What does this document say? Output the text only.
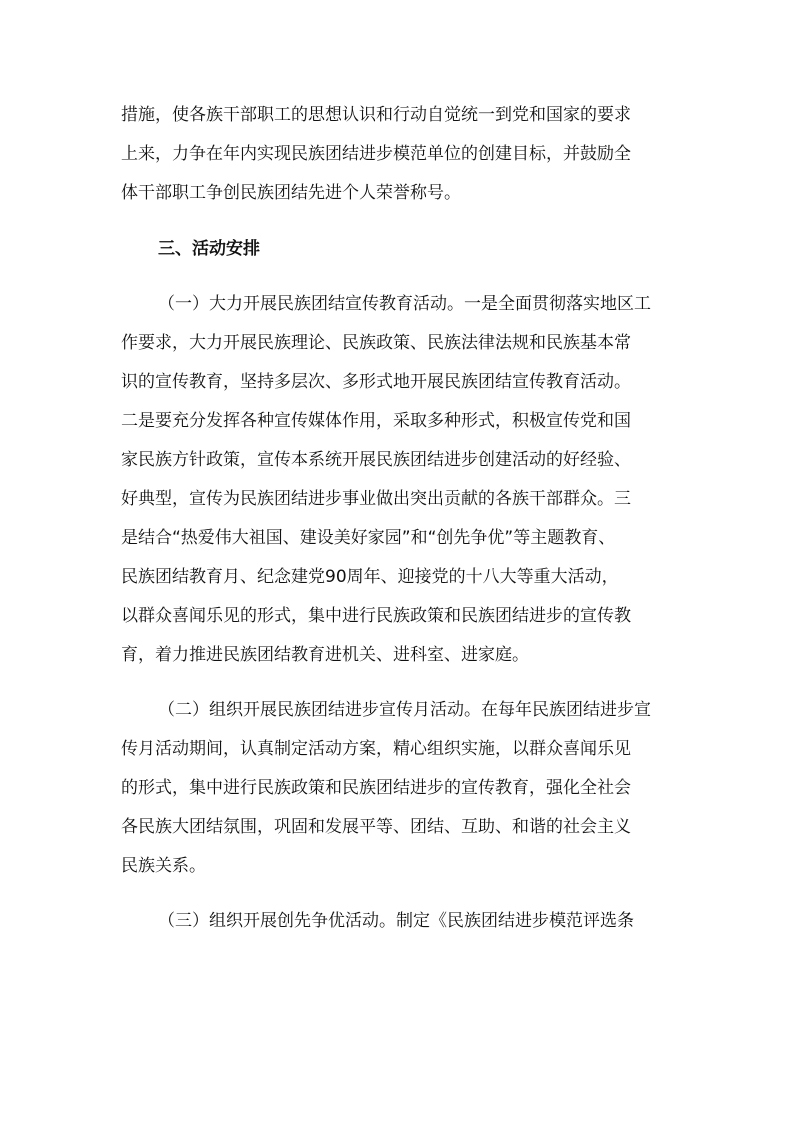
措施，使各族干部职工的思想认识和行动自觉统一到党和国家的要求
上来，力争在年内实现民族团结进步模范单位的创建目标，并鼓励全
体干部职工争创民族团结先进个人荣誉称号。
三、活动安排
（一）大力开展民族团结宣传教育活动。一是全面贯彻落实地区工
作要求，大力开展民族理论、民族政策、民族法律法规和民族基本常
识的宣传教育，坚持多层次、多形式地开展民族团结宣传教育活动。
二是要充分发挥各种宣传媒体作用，采取多种形式，积极宣传党和国
家民族方针政策，宣传本系统开展民族团结进步创建活动的好经验、
好典型，宣传为民族团结进步事业做出突出贡献的各族干部群众。三
是结合“热爱伟大祖国、建设美好家园”和“创先争优”等主题教育、
民族团结教育月、纪念建党90周年、迎接党的十八大等重大活动，
以群众喜闻乐见的形式，集中进行民族政策和民族团结进步的宣传教
育，着力推进民族团结教育进机关、进科室、进家庭。
（二）组织开展民族团结进步宣传月活动。在每年民族团结进步宣
传月活动期间，认真制定活动方案，精心组织实施，以群众喜闻乐见
的形式，集中进行民族政策和民族团结进步的宣传教育，强化全社会
各民族大团结氛围，巩固和发展平等、团结、互助、和谐的社会主义
民族关系。
（三）组织开展创先争优活动。制定《民族团结进步模范评选条
